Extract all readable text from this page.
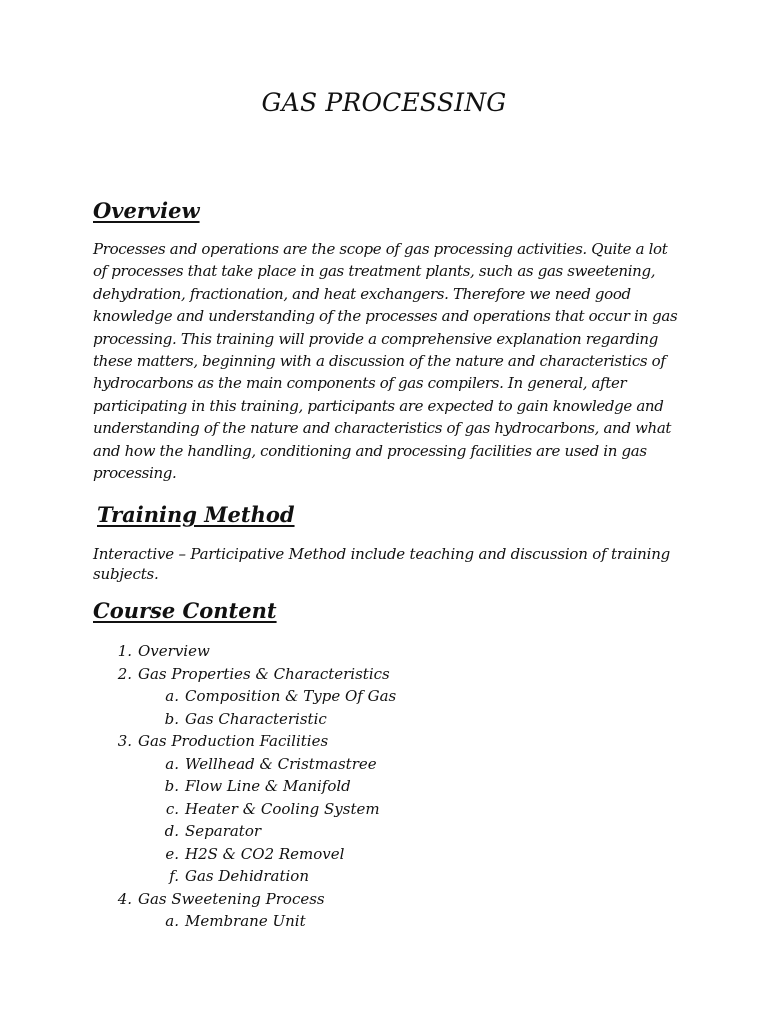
GAS PROCESSING
Overview
Processes and operations are the scope of gas processing activities. Quite a lot of processes that take place in gas treatment plants, such as gas sweetening, dehydration, fractionation, and heat exchangers. Therefore we need good knowledge and understanding of the processes and operations that occur in gas processing. This training will provide a comprehensive explanation regarding these matters, beginning with a discussion of the nature and characteristics of hydrocarbons as the main components of gas compilers. In general, after participating in this training, participants are expected to gain knowledge and understanding of the nature and characteristics of gas hydrocarbons, and what and how the handling, conditioning and processing facilities are used in gas processing.
Training Method
Interactive – Participative Method include teaching and discussion of training subjects.
Course Content
1. Overview
2. Gas Properties & Characteristics
a. Composition & Type Of Gas
b. Gas Characteristic
3. Gas Production Facilities
a. Wellhead & Cristmastree
b. Flow Line & Manifold
c. Heater & Cooling System
d. Separator
e. H2S & CO2 Removel
f. Gas Dehidration
4. Gas Sweetening Process
a. Membrane Unit
